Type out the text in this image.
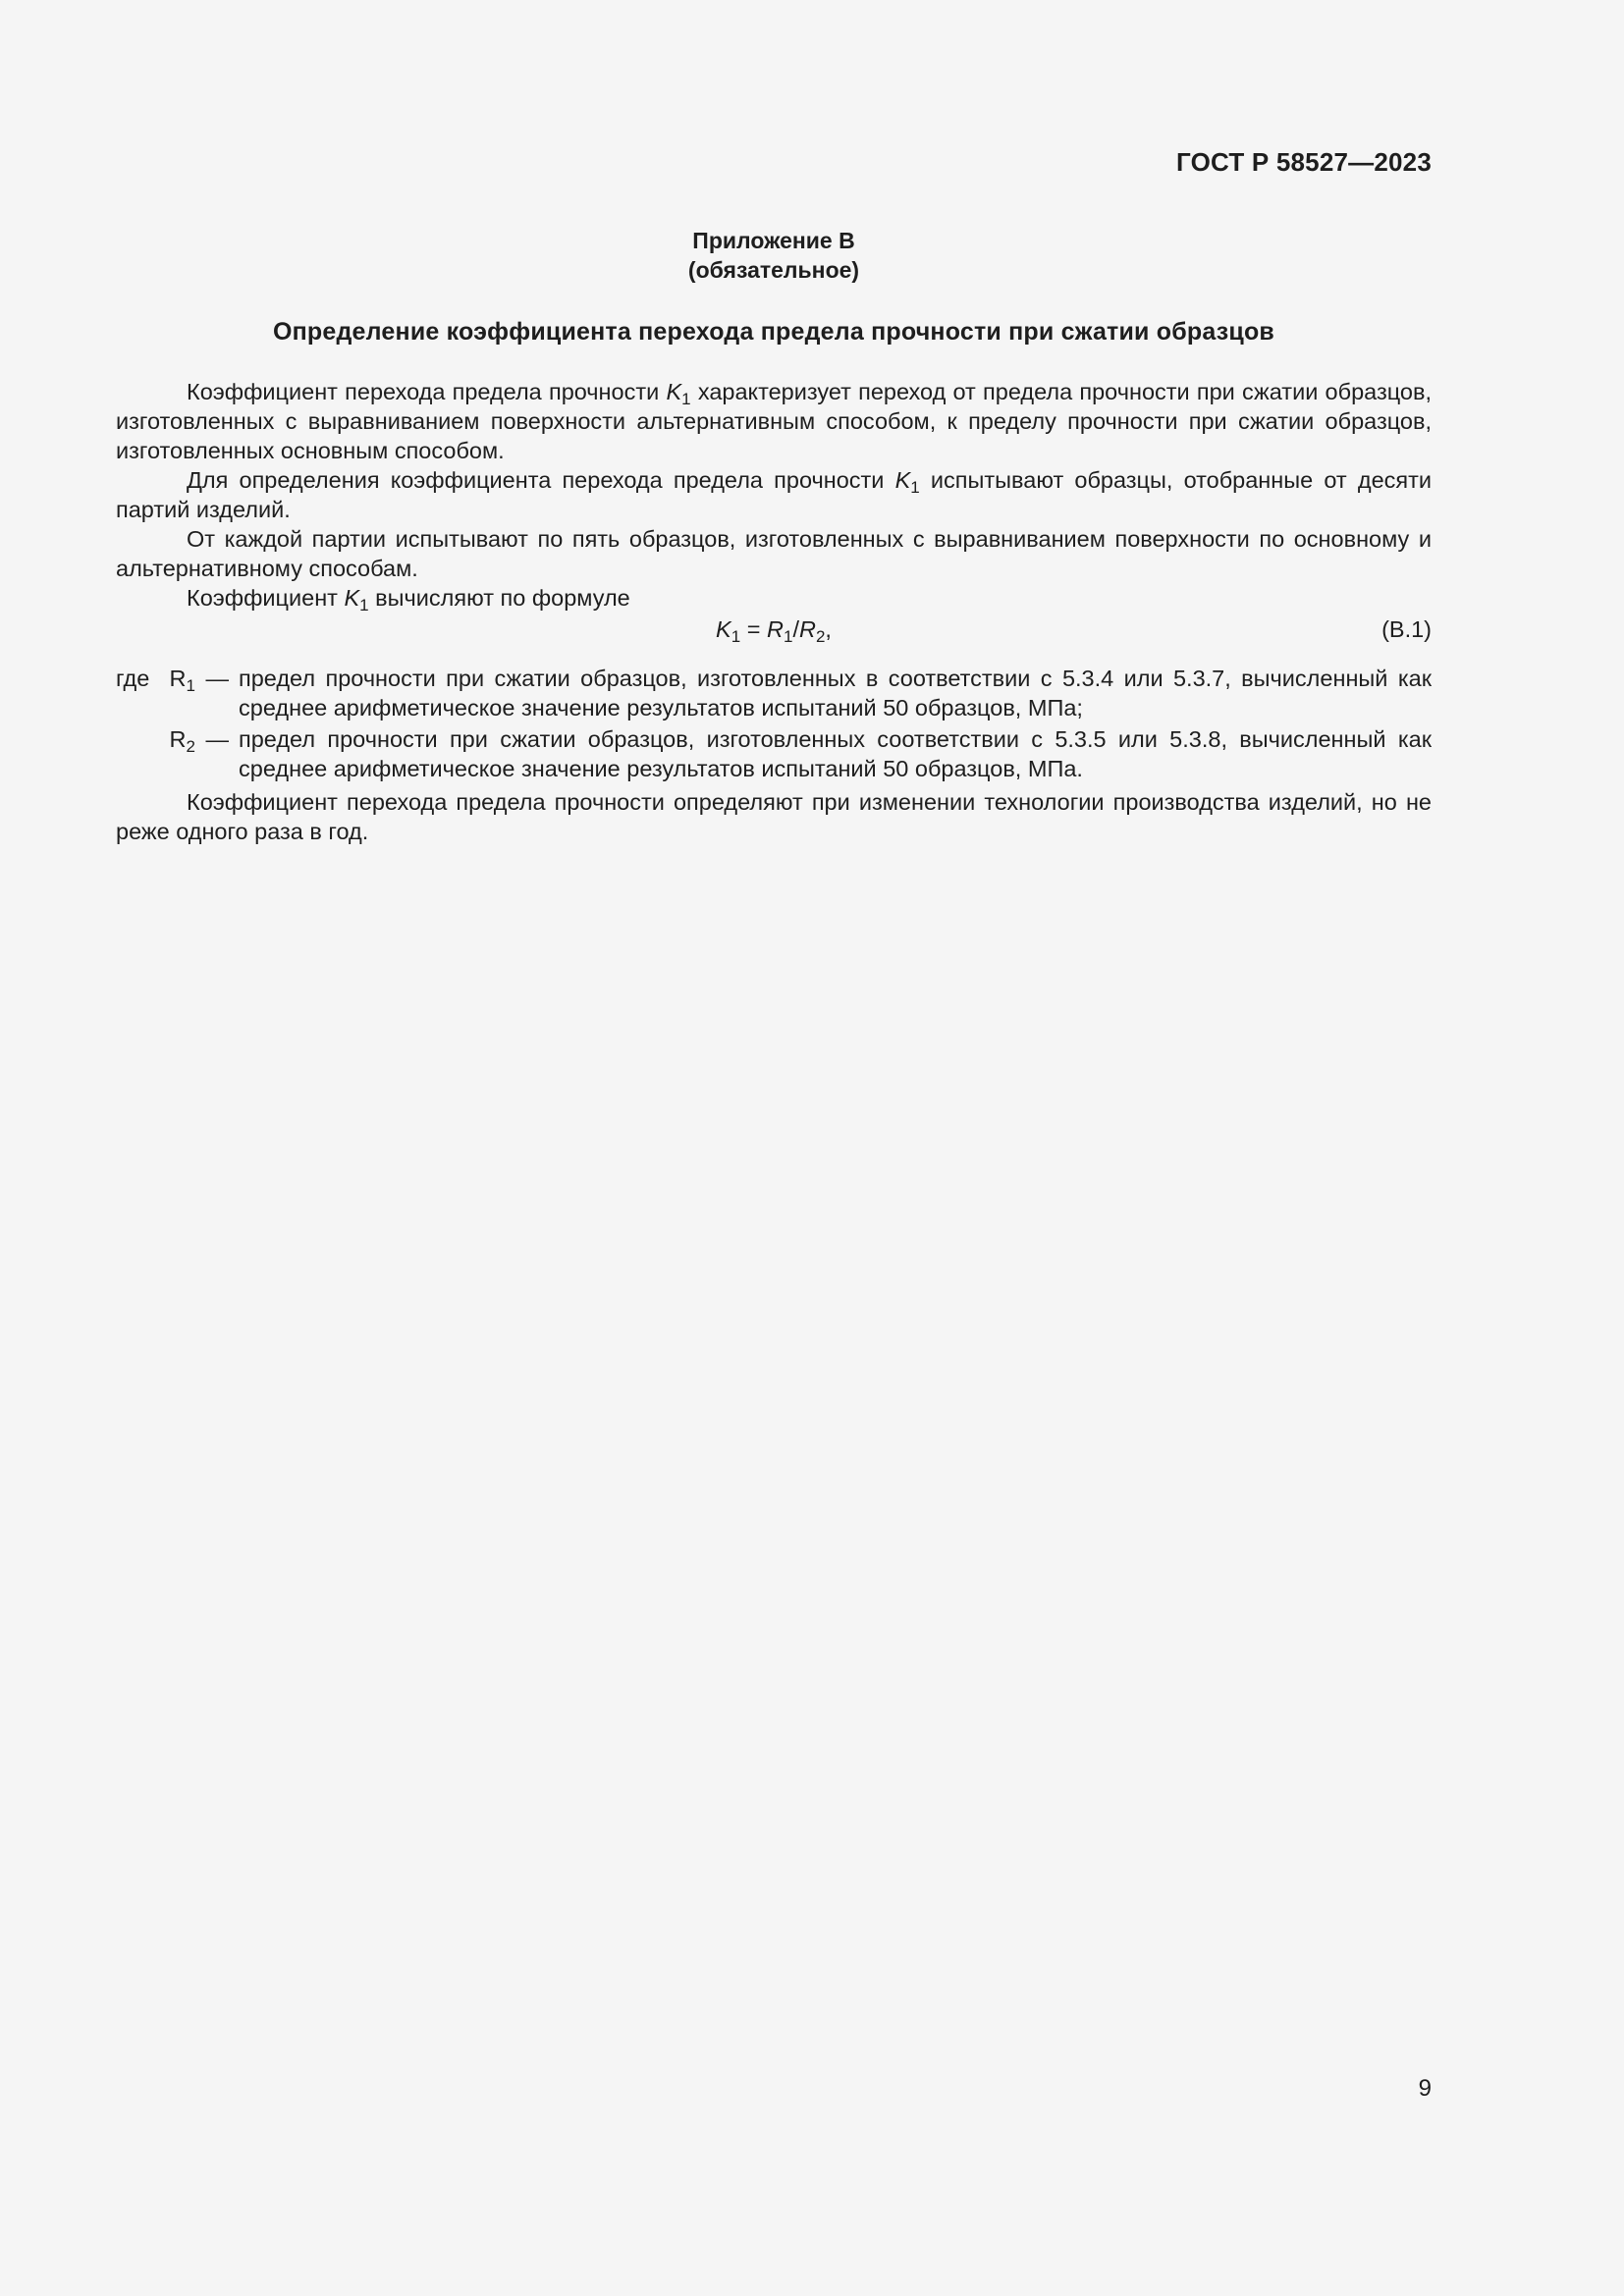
ГОСТ Р 58527—2023
Приложение В
(обязательное)
Определение коэффициента перехода предела прочности при сжатии образцов

Коэффициент перехода предела прочности $K_1$ характеризует переход от предела прочности при сжатии образцов, изготовленных с выравниванием поверхности альтернативным способом, к пределу прочности при сжатии образцов, изготовленных основным способом.

Для определения коэффициента перехода предела прочности $K_1$ испытывают образцы, отобранные от десяти партий изделий.

От каждой партии испытывают по пять образцов, изготовленных с выравниванием поверхности по основному и альтернативному способам.

Коэффициент $K_1$ вычисляют по формуле

$K_1 = R_1/R_2$,	(В.1)
где $R_1$ — предел прочности при сжатии образцов, изготовленных в соответствии с 5.3.4 или 5.3.7, вычисленный как среднее арифметическое значение результатов испытаний 50 образцов, МПа;
$R_2$ — предел прочности при сжатии образцов, изготовленных соответствии с 5.3.5 или 5.3.8, вычисленный как среднее арифметическое значение результатов испытаний 50 образцов, МПа.

Коэффициент перехода предела прочности определяют при изменении технологии производства изделий, но не реже одного раза в год.

9
